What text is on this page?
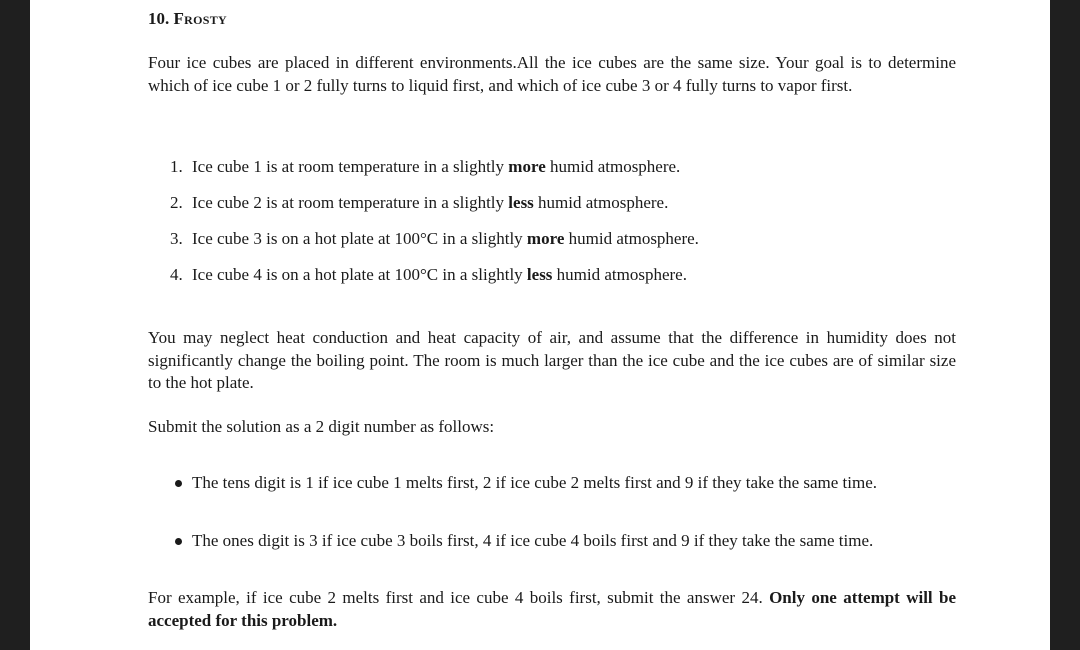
10. Frosty

Four ice cubes are placed in different environments.All the ice cubes are the same size. Your goal is to determine which of ice cube 1 or 2 fully turns to liquid first, and which of ice cube 3 or 4 fully turns to vapor first.

1. Ice cube 1 is at room temperature in a slightly more humid atmosphere.
2. Ice cube 2 is at room temperature in a slightly less humid atmosphere.
3. Ice cube 3 is on a hot plate at 100°C in a slightly more humid atmosphere.
4. Ice cube 4 is on a hot plate at 100°C in a slightly less humid atmosphere.

You may neglect heat conduction and heat capacity of air, and assume that the difference in humidity does not significantly change the boiling point. The room is much larger than the ice cube and the ice cubes are of similar size to the hot plate.

Submit the solution as a 2 digit number as follows:

The tens digit is 1 if ice cube 1 melts first, 2 if ice cube 2 melts first and 9 if they take the same time.
The ones digit is 3 if ice cube 3 boils first, 4 if ice cube 4 boils first and 9 if they take the same time.

For example, if ice cube 2 melts first and ice cube 4 boils first, submit the answer 24. Only one attempt will be accepted for this problem.
